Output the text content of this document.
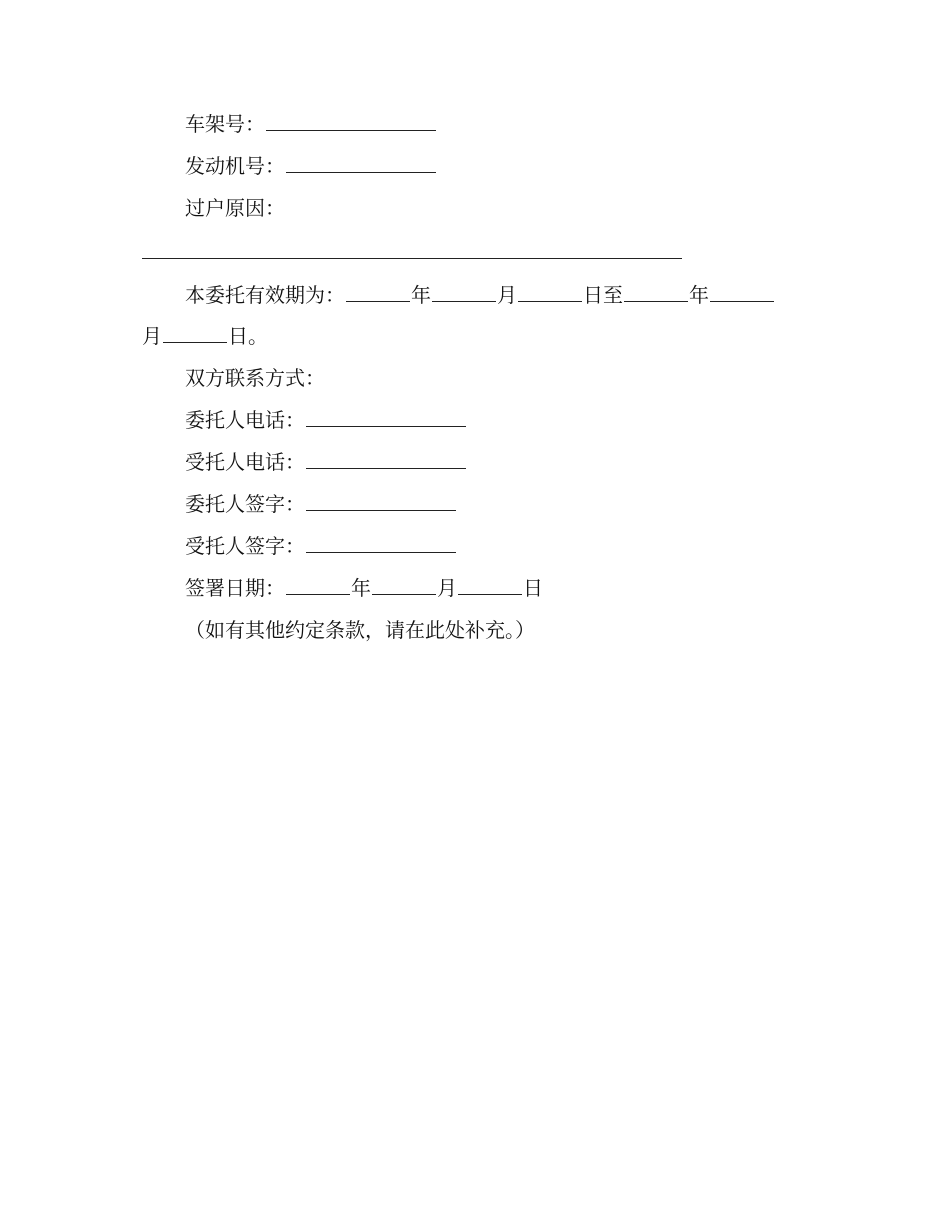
车架号：
发动机号：
过户原因：
本委托有效期为：	年	月	日至	年
月	日。
双方联系方式：
委托人电话：
受托人电话：
委托人签字：
受托人签字：
签署日期：	年	月	日
（如有其他约定条款，请在此处补充。）
